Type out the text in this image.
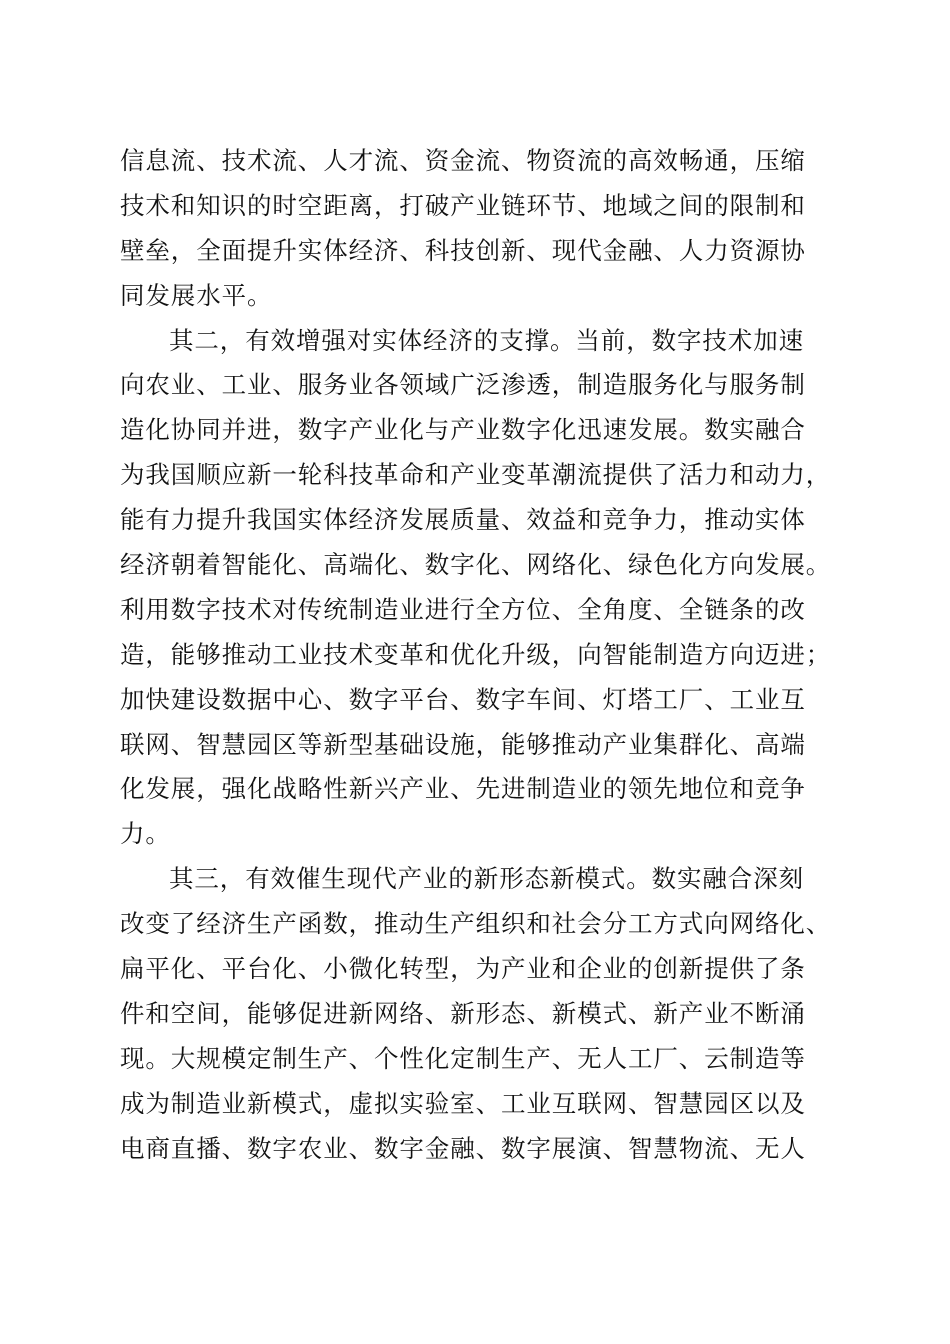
信息流、技术流、人才流、资金流、物资流的高效畅通，压缩
技术和知识的时空距离，打破产业链环节、地域之间的限制和
壁垒，全面提升实体经济、科技创新、现代金融、人力资源协
同发展水平。
其二，有效增强对实体经济的支撑。当前，数字技术加速
向农业、工业、服务业各领域广泛渗透，制造服务化与服务制
造化协同并进，数字产业化与产业数字化迅速发展。数实融合
为我国顺应新一轮科技革命和产业变革潮流提供了活力和动力，
能有力提升我国实体经济发展质量、效益和竞争力，推动实体
经济朝着智能化、高端化、数字化、网络化、绿色化方向发展。
利用数字技术对传统制造业进行全方位、全角度、全链条的改
造，能够推动工业技术变革和优化升级，向智能制造方向迈进；
加快建设数据中心、数字平台、数字车间、灯塔工厂、工业互
联网、智慧园区等新型基础设施，能够推动产业集群化、高端
化发展，强化战略性新兴产业、先进制造业的领先地位和竞争
力。
其三，有效催生现代产业的新形态新模式。数实融合深刻
改变了经济生产函数，推动生产组织和社会分工方式向网络化、
扁平化、平台化、小微化转型，为产业和企业的创新提供了条
件和空间，能够促进新网络、新形态、新模式、新产业不断涌
现。大规模定制生产、个性化定制生产、无人工厂、云制造等
成为制造业新模式，虚拟实验室、工业互联网、智慧园区以及
电商直播、数字农业、数字金融、数字展演、智慧物流、无人
